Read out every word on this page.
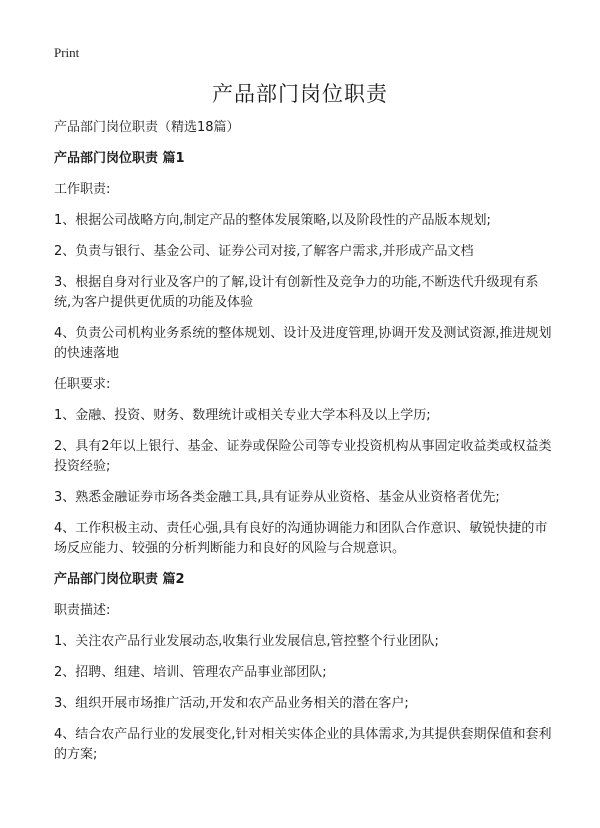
Print
产品部门岗位职责

产品部门岗位职责（精选18篇）

产品部门岗位职责 篇1

工作职责:

1、根据公司战略方向,制定产品的整体发展策略,以及阶段性的产品版本规划;

2、负责与银行、基金公司、证券公司对接,了解客户需求,并形成产品文档

3、根据自身对行业及客户的了解,设计有创新性及竞争力的功能,不断迭代升级现有系统,为客户提供更优质的功能及体验

4、负责公司机构业务系统的整体规划、设计及进度管理,协调开发及测试资源,推进规划的快速落地

任职要求:

1、金融、投资、财务、数理统计或相关专业大学本科及以上学历;

2、具有2年以上银行、基金、证券或保险公司等专业投资机构从事固定收益类或权益类投资经验;

3、熟悉金融证券市场各类金融工具,具有证券从业资格、基金从业资格者优先;

4、工作积极主动、责任心强,具有良好的沟通协调能力和团队合作意识、敏锐快捷的市场反应能力、较强的分析判断能力和良好的风险与合规意识。

产品部门岗位职责 篇2

职责描述:

1、关注农产品行业发展动态,收集行业发展信息,管控整个行业团队;

2、招聘、组建、培训、管理农产品事业部团队;

3、组织开展市场推广活动,开发和农产品业务相关的潜在客户;

4、结合农产品行业的发展变化,针对相关实体企业的具体需求,为其提供套期保值和套利的方案;
